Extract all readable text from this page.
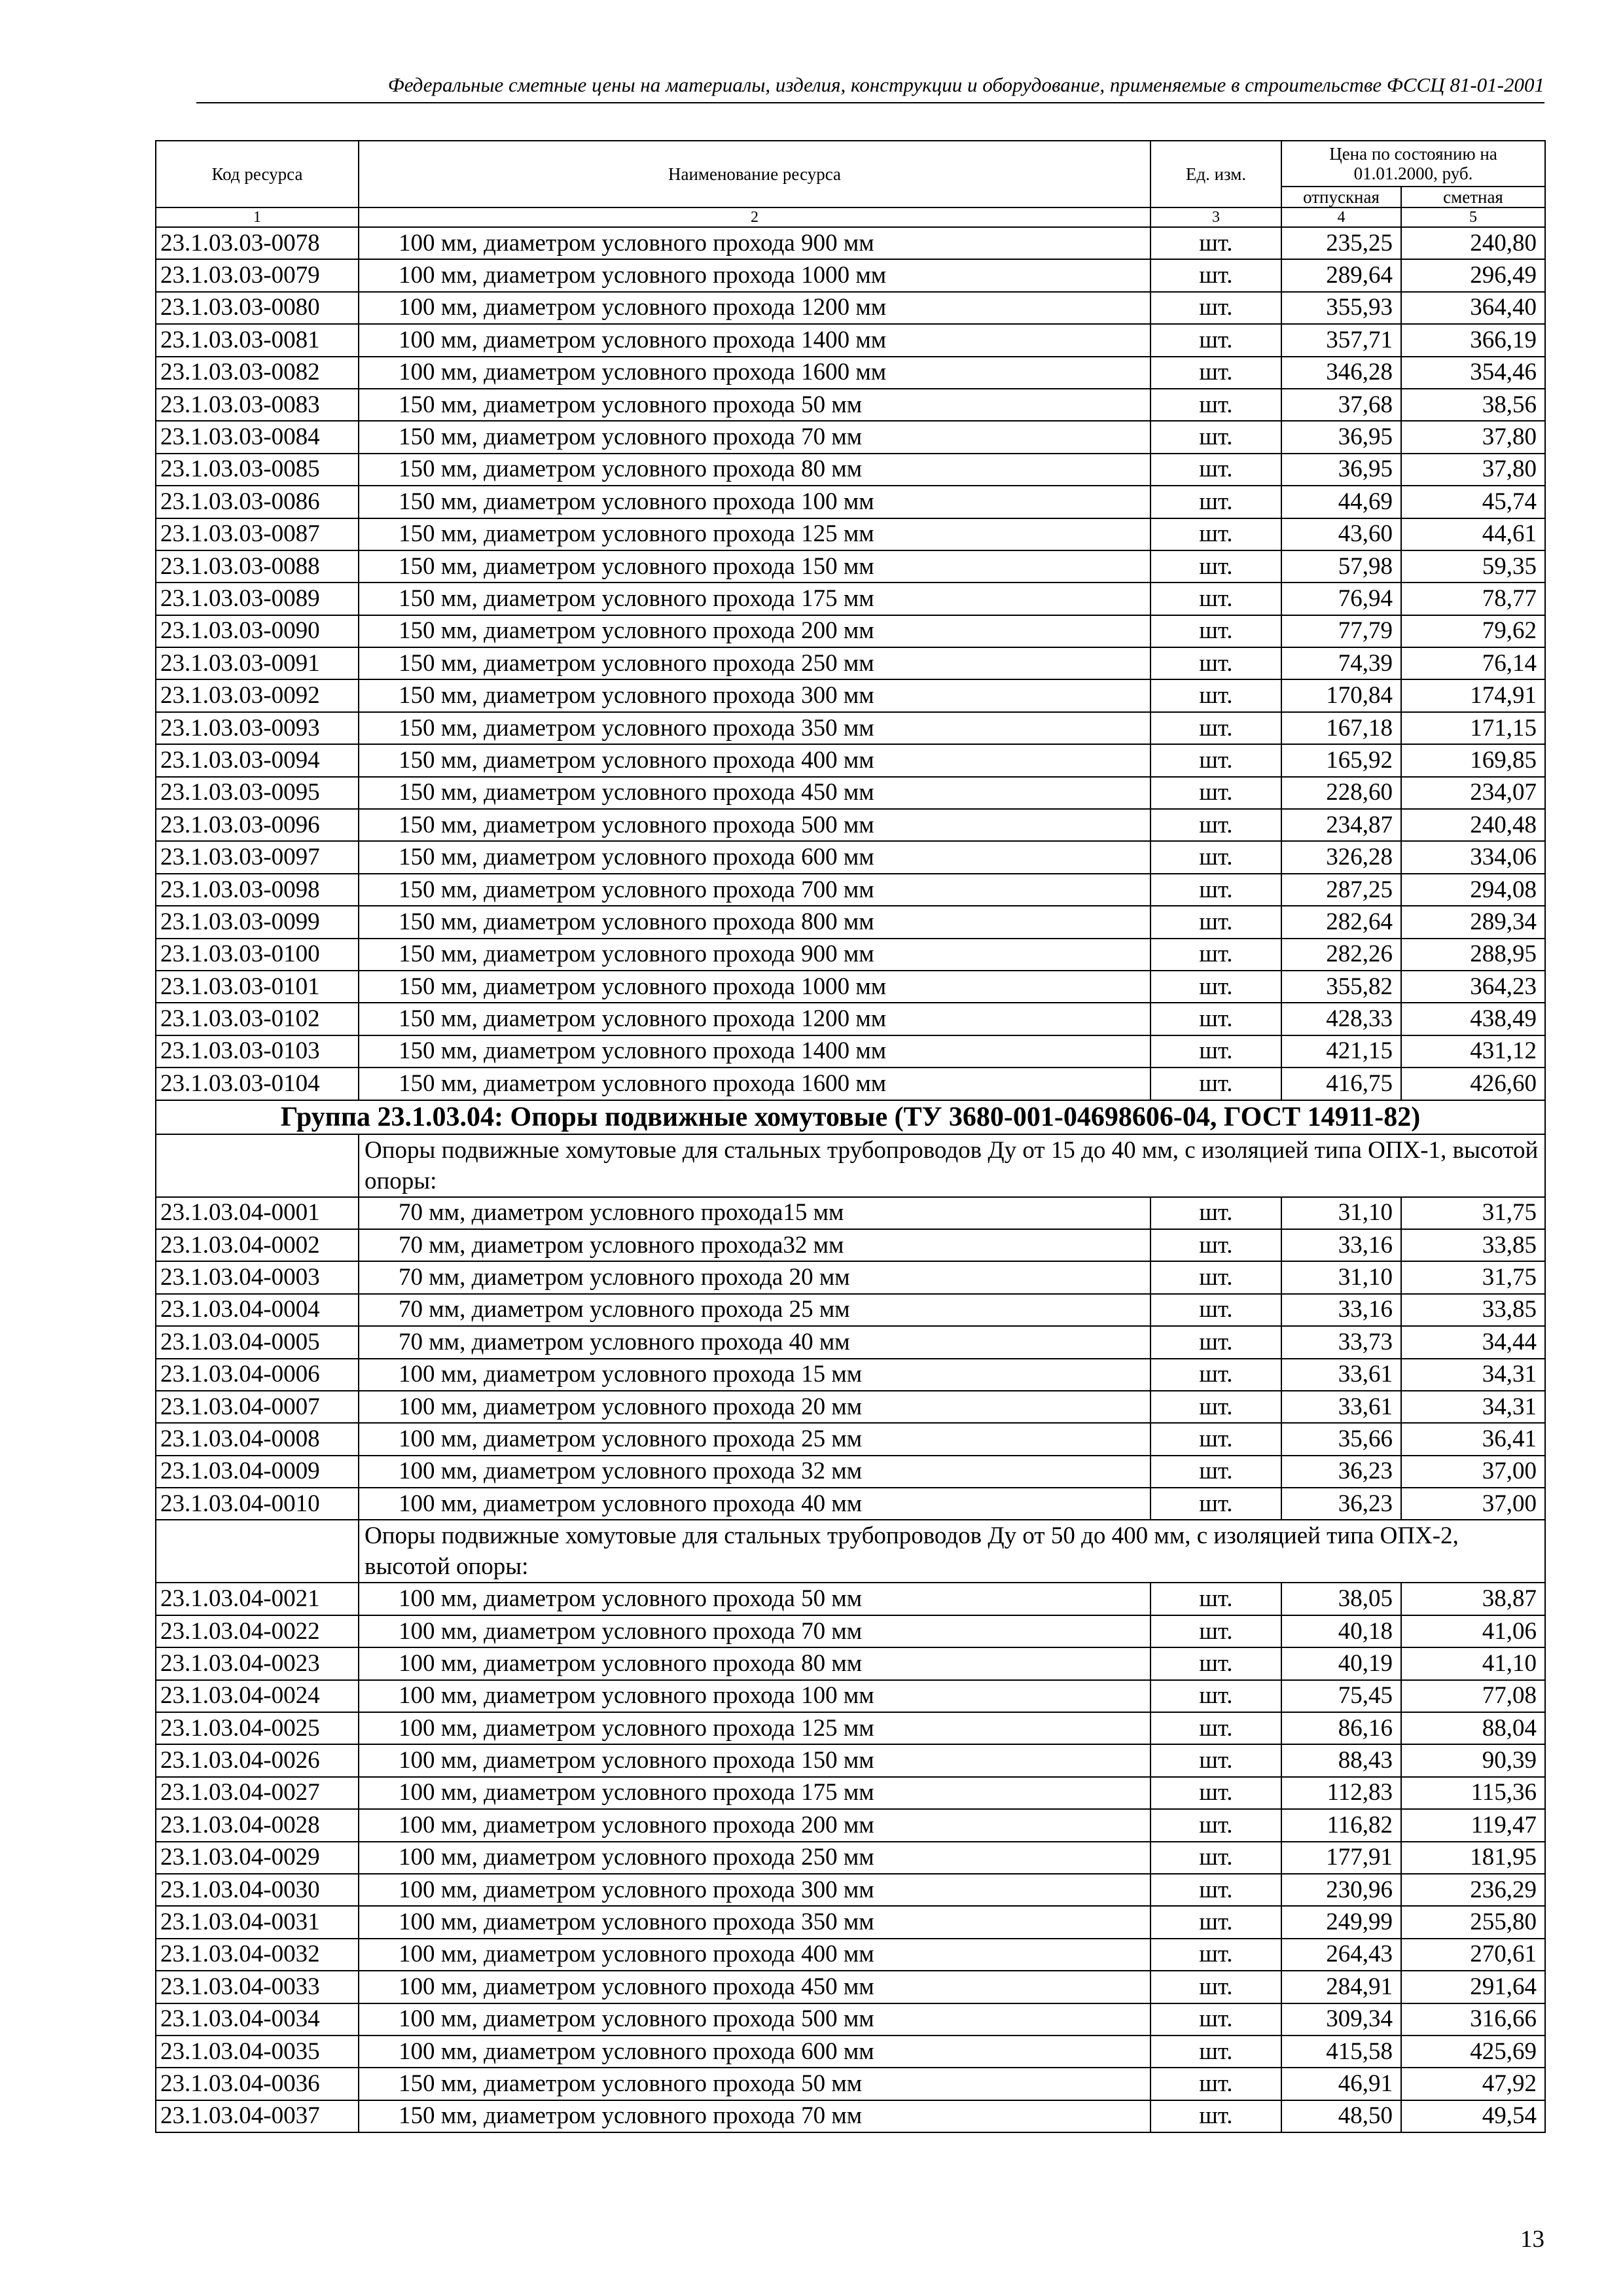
Федеральные сметные цены на материалы, изделия, конструкции и оборудование, применяемые в строительстве ФССЦ 81-01-2001
Код ресурса	Наименование ресурса	Ед. изм.	Цена по состоянию на 01.01.2000, руб.	
			отпускная	сметная
1	2	3	4	5
23.1.03.03-0078	100 мм, диаметром условного прохода 900 мм	шт.	235,25	240,80
23.1.03.03-0079	100 мм, диаметром условного прохода 1000 мм	шт.	289,64	296,49
23.1.03.03-0080	100 мм, диаметром условного прохода 1200 мм	шт.	355,93	364,40
23.1.03.03-0081	100 мм, диаметром условного прохода 1400 мм	шт.	357,71	366,19
23.1.03.03-0082	100 мм, диаметром условного прохода 1600 мм	шт.	346,28	354,46
23.1.03.03-0083	150 мм, диаметром условного прохода 50 мм	шт.	37,68	38,56
23.1.03.03-0084	150 мм, диаметром условного прохода 70 мм	шт.	36,95	37,80
23.1.03.03-0085	150 мм, диаметром условного прохода 80 мм	шт.	36,95	37,80
23.1.03.03-0086	150 мм, диаметром условного прохода 100 мм	шт.	44,69	45,74
23.1.03.03-0087	150 мм, диаметром условного прохода 125 мм	шт.	43,60	44,61
23.1.03.03-0088	150 мм, диаметром условного прохода 150 мм	шт.	57,98	59,35
23.1.03.03-0089	150 мм, диаметром условного прохода 175 мм	шт.	76,94	78,77
23.1.03.03-0090	150 мм, диаметром условного прохода 200 мм	шт.	77,79	79,62
23.1.03.03-0091	150 мм, диаметром условного прохода 250 мм	шт.	74,39	76,14
23.1.03.03-0092	150 мм, диаметром условного прохода 300 мм	шт.	170,84	174,91
23.1.03.03-0093	150 мм, диаметром условного прохода 350 мм	шт.	167,18	171,15
23.1.03.03-0094	150 мм, диаметром условного прохода 400 мм	шт.	165,92	169,85
23.1.03.03-0095	150 мм, диаметром условного прохода 450 мм	шт.	228,60	234,07
23.1.03.03-0096	150 мм, диаметром условного прохода 500 мм	шт.	234,87	240,48
23.1.03.03-0097	150 мм, диаметром условного прохода 600 мм	шт.	326,28	334,06
23.1.03.03-0098	150 мм, диаметром условного прохода 700 мм	шт.	287,25	294,08
23.1.03.03-0099	150 мм, диаметром условного прохода 800 мм	шт.	282,64	289,34
23.1.03.03-0100	150 мм, диаметром условного прохода 900 мм	шт.	282,26	288,95
23.1.03.03-0101	150 мм, диаметром условного прохода 1000 мм	шт.	355,82	364,23
23.1.03.03-0102	150 мм, диаметром условного прохода 1200 мм	шт.	428,33	438,49
23.1.03.03-0103	150 мм, диаметром условного прохода 1400 мм	шт.	421,15	431,12
23.1.03.03-0104	150 мм, диаметром условного прохода 1600 мм	шт.	416,75	426,60
Группа 23.1.03.04: Опоры подвижные хомутовые (ТУ 3680-001-04698606-04, ГОСТ 14911-82)				
	Опоры подвижные хомутовые для стальных трубопроводов Ду от 15 до 40 мм, с изоляцией типа ОПХ-1, высотой опоры:			
23.1.03.04-0001	70 мм, диаметром условного прохода15 мм	шт.	31,10	31,75
23.1.03.04-0002	70 мм, диаметром условного прохода32 мм	шт.	33,16	33,85
23.1.03.04-0003	70 мм, диаметром условного прохода 20 мм	шт.	31,10	31,75
23.1.03.04-0004	70 мм, диаметром условного прохода 25 мм	шт.	33,16	33,85
23.1.03.04-0005	70 мм, диаметром условного прохода 40 мм	шт.	33,73	34,44
23.1.03.04-0006	100 мм, диаметром условного прохода 15 мм	шт.	33,61	34,31
23.1.03.04-0007	100 мм, диаметром условного прохода 20 мм	шт.	33,61	34,31
23.1.03.04-0008	100 мм, диаметром условного прохода 25 мм	шт.	35,66	36,41
23.1.03.04-0009	100 мм, диаметром условного прохода 32 мм	шт.	36,23	37,00
23.1.03.04-0010	100 мм, диаметром условного прохода 40 мм	шт.	36,23	37,00
	Опоры подвижные хомутовые для стальных трубопроводов Ду от 50 до 400 мм, с изоляцией типа ОПХ-2, высотой опоры:			
23.1.03.04-0021	100 мм, диаметром условного прохода 50 мм	шт.	38,05	38,87
23.1.03.04-0022	100 мм, диаметром условного прохода 70 мм	шт.	40,18	41,06
23.1.03.04-0023	100 мм, диаметром условного прохода 80 мм	шт.	40,19	41,10
23.1.03.04-0024	100 мм, диаметром условного прохода 100 мм	шт.	75,45	77,08
23.1.03.04-0025	100 мм, диаметром условного прохода 125 мм	шт.	86,16	88,04
23.1.03.04-0026	100 мм, диаметром условного прохода 150 мм	шт.	88,43	90,39
23.1.03.04-0027	100 мм, диаметром условного прохода 175 мм	шт.	112,83	115,36
23.1.03.04-0028	100 мм, диаметром условного прохода 200 мм	шт.	116,82	119,47
23.1.03.04-0029	100 мм, диаметром условного прохода 250 мм	шт.	177,91	181,95
23.1.03.04-0030	100 мм, диаметром условного прохода 300 мм	шт.	230,96	236,29
23.1.03.04-0031	100 мм, диаметром условного прохода 350 мм	шт.	249,99	255,80
23.1.03.04-0032	100 мм, диаметром условного прохода 400 мм	шт.	264,43	270,61
23.1.03.04-0033	100 мм, диаметром условного прохода 450 мм	шт.	284,91	291,64
23.1.03.04-0034	100 мм, диаметром условного прохода 500 мм	шт.	309,34	316,66
23.1.03.04-0035	100 мм, диаметром условного прохода 600 мм	шт.	415,58	425,69
23.1.03.04-0036	150 мм, диаметром условного прохода 50 мм	шт.	46,91	47,92
23.1.03.04-0037	150 мм, диаметром условного прохода 70 мм	шт.	48,50	49,54
13
